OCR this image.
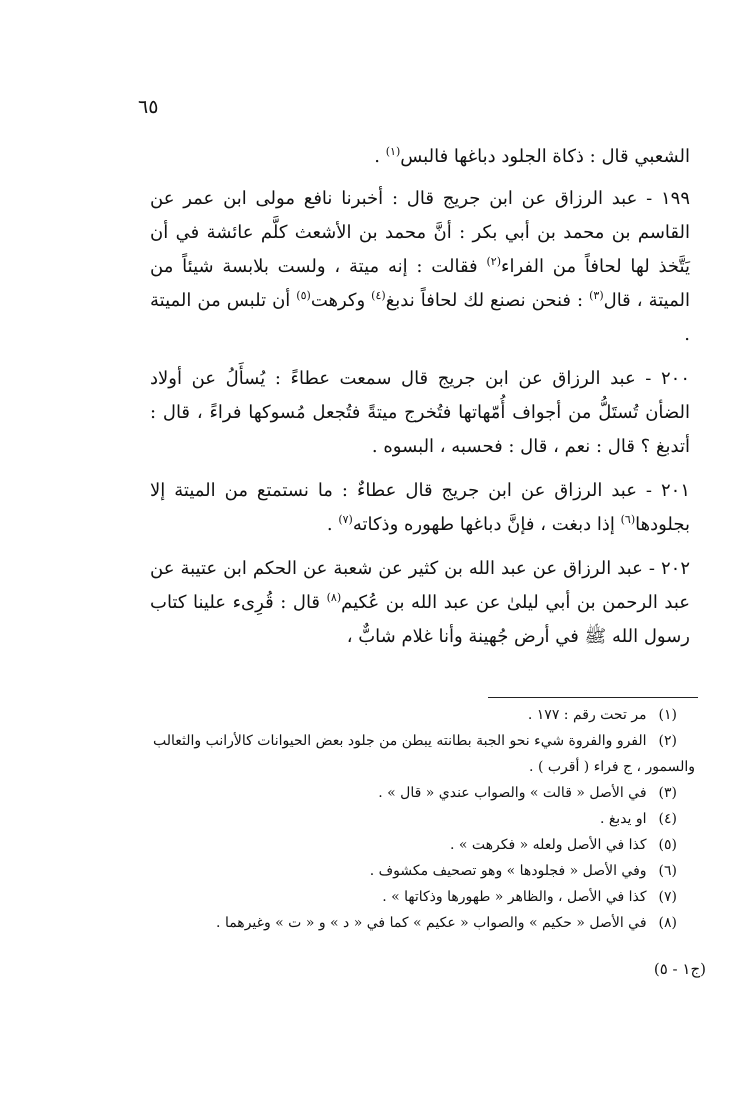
٦٥

الشعبي قال : ذكاة الجلود دباغها فالبس$^{(١)}$ .

١٩٩ - عبد الرزاق عن ابن جريج قال : أخبرنا نافع مولى ابن عمر عن القاسم بن محمد بن أبي بكر : أنَّ محمد بن الأشعث كلَّم عائشة في أن يَتَّخذ لها لحافاً من الفراء$^{(٢)}$ فقالت : إنه ميتة ، ولست بلابسة شيئاً من الميتة ، قال$^{(٣)}$ : فنحن نصنع لك لحافاً ندبغ$^{(٤)}$ وكرهت$^{(٥)}$ أن تلبس من الميتة .

٢٠٠ - عبد الرزاق عن ابن جريج قال سمعت عطاءً : يُسأَلُ عن أولاد الضأن تُستَلُّ من أجواف أُمّهاتها فتُخرج ميتةً فتُجعل مُسوكها فراءً ، قال : أتدبغ ؟ قال : نعم ، قال : فحسبه ، البسوه .

٢٠١ - عبد الرزاق عن ابن جريج قال عطاءٌ : ما نستمتع من الميتة إلا بجلودها$^{(٦)}$ إذا دبغت ، فإنَّ دباغها طهوره وذكاته$^{(٧)}$ .

٢٠٢ - عبد الرزاق عن عبد الله بن كثير عن شعبة عن الحكم ابن عتيبة عن عبد الرحمن بن أبي ليلىٰ عن عبد الله بن عُكيم$^{(٨)}$ قال : قُرِىء علينا كتاب رسول الله ﷺ في أرض جُهينة وأنا غلام شابٌّ ،

(١) مر تحت رقم : ١٧٧ .
(٢) الفرو والفروة شيء نحو الجبة بطانته يبطن من جلود بعض الحيوانات كالأرانب والثعالب والسمور ، ج فراء ( أقرب ) .
(٣) في الأصل « قالت » والصواب عندي « قال » .
(٤) او يدبغ .
(٥) كذا في الأصل ولعله « فكرهت » .
(٦) وفي الأصل « فجلودها » وهو تصحيف مكشوف .
(٧) كذا في الأصل ، والظاهر « طهورها وذكاتها » .
(٨) في الأصل « حكيم » والصواب « عكيم » كما في « د » و « ت » وغيرهما .
(ج١ - ٥)
